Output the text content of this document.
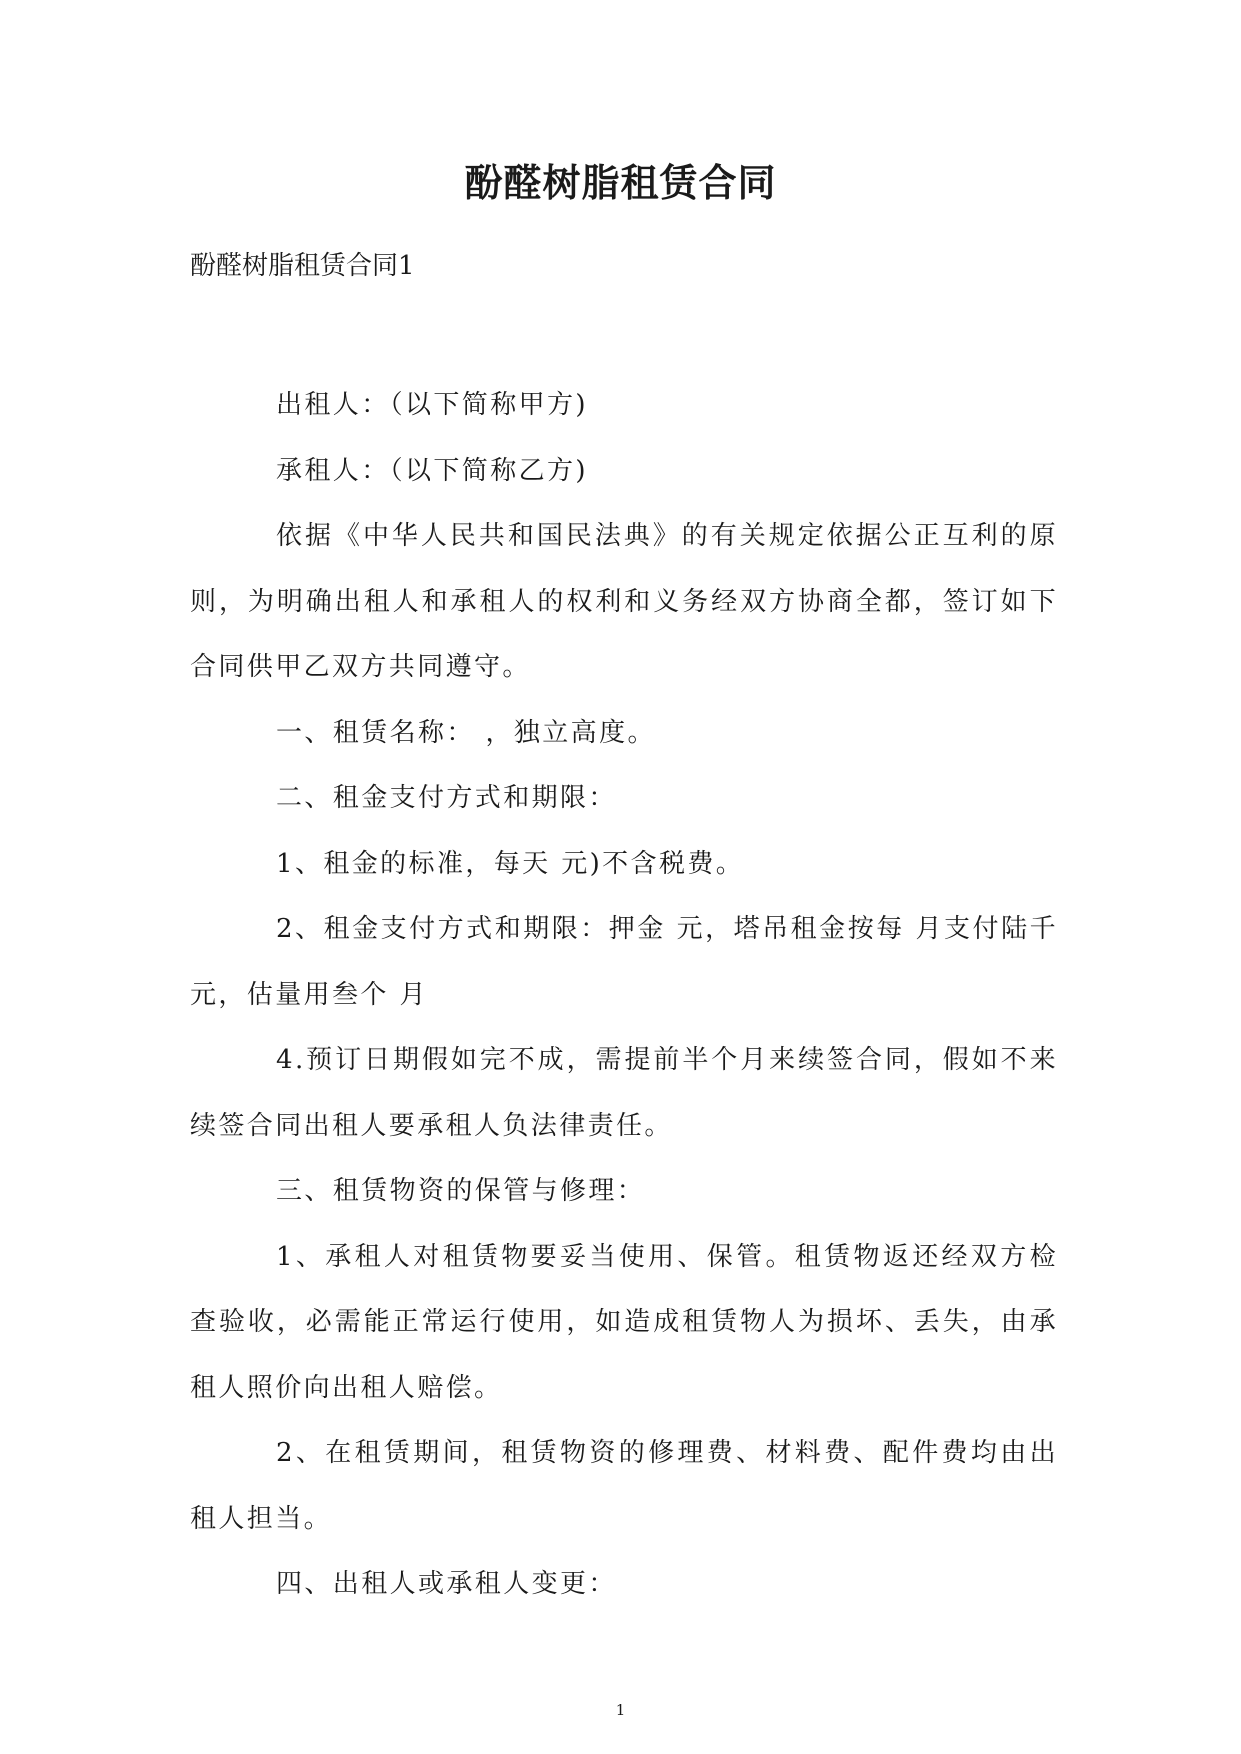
酚醛树脂租赁合同

酚醛树脂租赁合同1

出租人：（以下简称甲方)

承租人：（以下简称乙方)

依据《中华人民共和国民法典》的有关规定依据公正互利的原则，为明确出租人和承租人的权利和义务经双方协商全都，签订如下合同供甲乙双方共同遵守。

一、租赁名称： ，独立高度。

二、租金支付方式和期限：

1、租金的标准，每天 元)不含税费。

2、租金支付方式和期限：押金 元，塔吊租金按每 月支付陆千 元，估量用叁个 月

4.预订日期假如完不成，需提前半个月来续签合同，假如不来续签合同出租人要承租人负法律责任。

三、租赁物资的保管与修理：

1、承租人对租赁物要妥当使用、保管。租赁物返还经双方检查验收，必需能正常运行使用，如造成租赁物人为损坏、丢失，由承租人照价向出租人赔偿。

2、在租赁期间，租赁物资的修理费、材料费、配件费均由出租人担当。

四、出租人或承租人变更：

1
